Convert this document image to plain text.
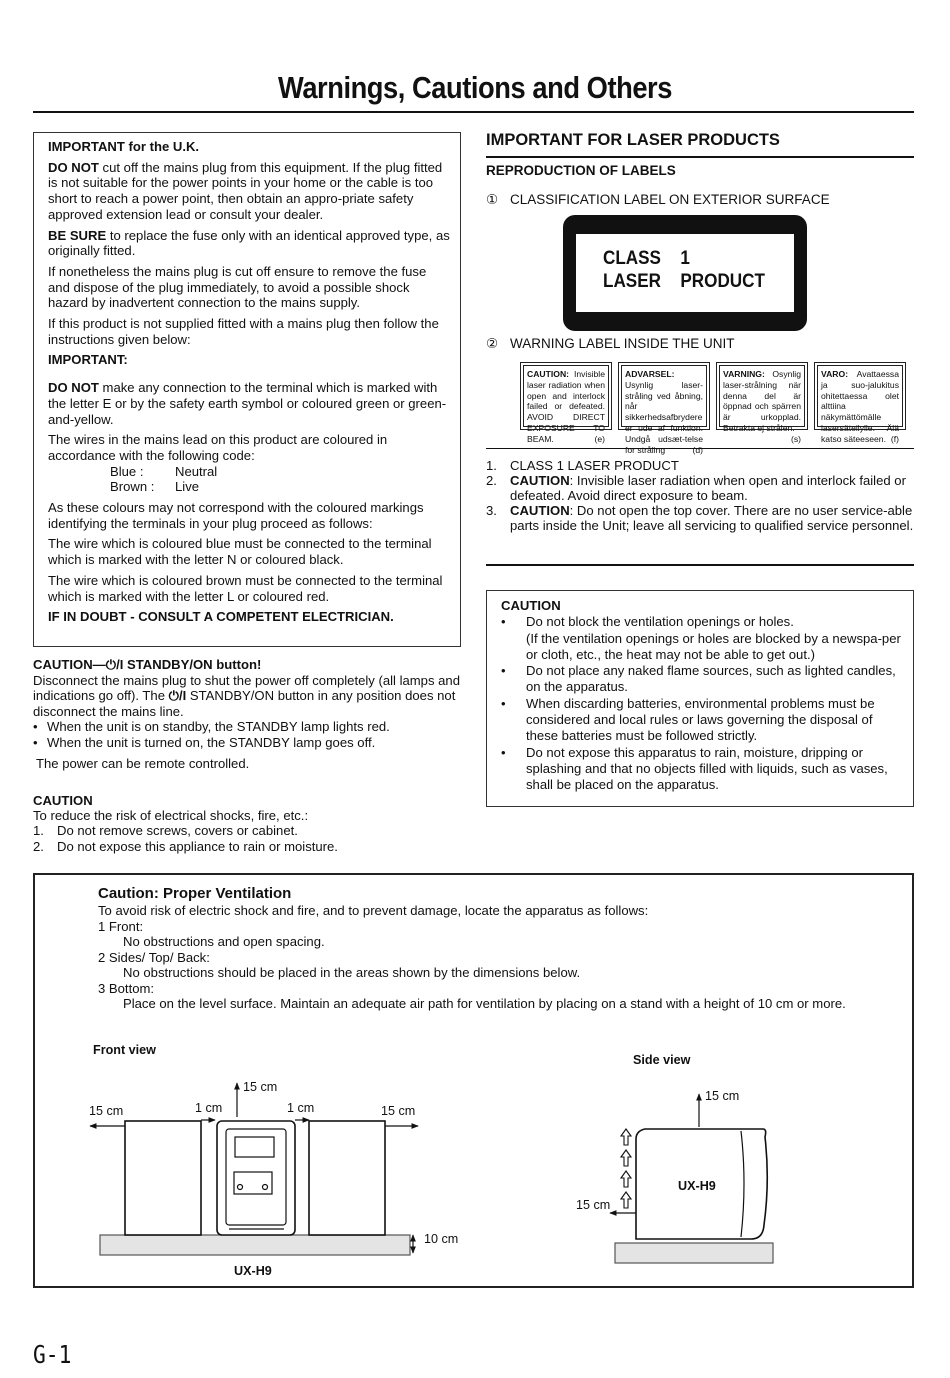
Warnings, Cautions and Others

IMPORTANT for the U.K.

DO NOT cut off the mains plug from this equipment. If the plug fitted is not suitable for the power points in your home or the cable is too short to reach a power point, then obtain an appro-priate safety approved extension lead or consult your dealer.

BE SURE to replace the fuse only with an identical approved type, as originally fitted.

If nonetheless the mains plug is cut off ensure to remove the fuse and dispose of the plug immediately, to avoid a possible shock hazard by inadvertent connection to the mains supply.

If this product is not supplied fitted with a mains plug then follow the instructions given below:

IMPORTANT:

DO NOT make any connection to the terminal which is marked with the letter E or by the safety earth symbol or coloured green or green-and-yellow.

The wires in the mains lead on this product are coloured in accordance with the following code:

Blue :	Neutral
Brown :	Live

As these colours may not correspond with the coloured markings identifying the terminals in your plug proceed as follows:

The wire which is coloured blue must be connected to the terminal which is marked with the letter N or coloured black.

The wire which is coloured brown must be connected to the terminal which is marked with the letter L or coloured red.

IF IN DOUBT - CONSULT A COMPETENT ELECTRICIAN.

CAUTION—⏻/I STANDBY/ON button!

Disconnect the mains plug to shut the power off completely (all lamps and indications go off). The ⏻/I STANDBY/ON button in any position does not disconnect the mains line.

• When the unit is on standby, the STANDBY lamp lights red.
• When the unit is turned on, the STANDBY lamp goes off.

The power can be remote controlled.

CAUTION

To reduce the risk of electrical shocks, fire, etc.:

1. Do not remove screws, covers or cabinet.
2. Do not expose this appliance to rain or moisture.
IMPORTANT FOR LASER PRODUCTS
REPRODUCTION OF LABELS
① CLASSIFICATION LABEL ON EXTERIOR SURFACE
CLASS 1
LASER PRODUCT
② WARNING LABEL INSIDE THE UNIT
CAUTION: Invisible laser radiation when open and interlock failed or defeated. AVOID DIRECT EXPOSURE TO BEAM.	(e)
ADVARSEL: Usynlig laser-stråling ved åbning, når sikkerhedsafbrydere er ude af funktion. Undgå udsæt-telse for stråling	(d)
VARNING: Osynlig laser-strålning när denna del är öppnad och spärren är urkopplad. Betrakta ej strålen.
(s)
VARO: Avattaessa ja suo-jalukitus ohitettaessa olet alttiina näkymättömälle lasersäteilylle. Älä katso säteeseen. (f)
1. CLASS 1 LASER PRODUCT
2. CAUTION: Invisible laser radiation when open and interlock failed or defeated. Avoid direct exposure to beam.
3. CAUTION: Do not open the top cover. There are no user service-able parts inside the Unit; leave all servicing to qualified service personnel.

CAUTION

• Do not block the ventilation openings or holes.
(If the ventilation openings or holes are blocked by a newspa-per or cloth, etc., the heat may not be able to get out.)
• Do not place any naked flame sources, such as lighted candles, on the apparatus.
• When discarding batteries, environmental problems must be considered and local rules or laws governing the disposal of these batteries must be followed strictly.
• Do not expose this apparatus to rain, moisture, dripping or splashing and that no objects filled with liquids, such as vases, shall be placed on the apparatus.

Caution: Proper Ventilation

To avoid risk of electric shock and fire, and to prevent damage, locate the apparatus as follows:

1 Front:

No obstructions and open spacing.

2 Sides/ Top/ Back:

No obstructions should be placed in the areas shown by the dimensions below.

3 Bottom:

Place on the level surface. Maintain an adequate air path for ventilation by placing on a stand with a height of 10 cm or more.

Front view
15 cm	1 cm
15 cm
1 cm	15 cm
10 cm
UX-H9
Side view
15 cm
15 cm
UX-H9
G-1
